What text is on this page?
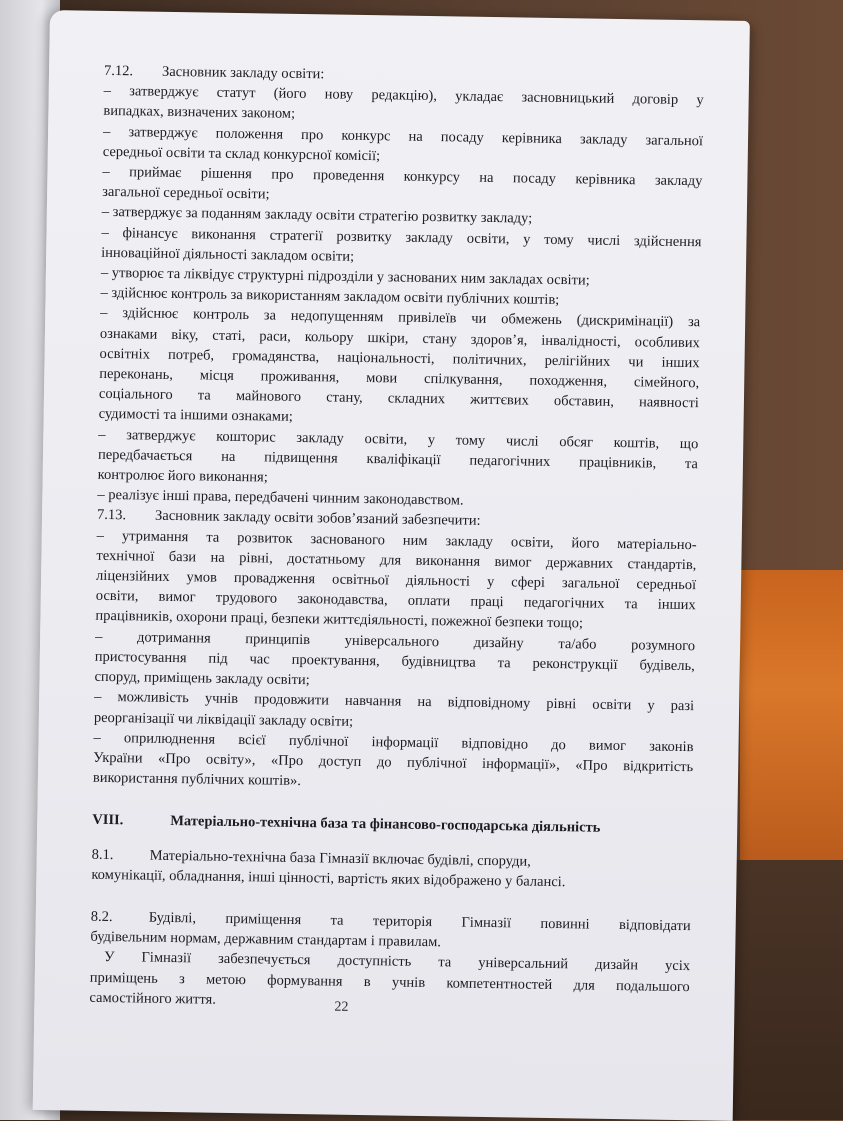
7.12. Засновник закладу освіти:
– затверджує статут (його нову редакцію), укладає засновницький договір у
випадках, визначених законом;
– затверджує положення про конкурс на посаду керівника закладу загальної
середньої освіти та склад конкурсної комісії;
– приймає рішення про проведення конкурсу на посаду керівника закладу
загальної середньої освіти;
– затверджує за поданням закладу освіти стратегію розвитку закладу;
– фінансує виконання стратегії розвитку закладу освіти, у тому числі здійснення
інноваційної діяльності закладом освіти;
– утворює та ліквідує структурні підрозділи у заснованих ним закладах освіти;
– здійснює контроль за використанням закладом освіти публічних коштів;
– здійснює контроль за недопущенням привілеїв чи обмежень (дискримінації) за
ознаками віку, статі, раси, кольору шкіри, стану здоров’я, інвалідності, особливих
освітніх потреб, громадянства, національності, політичних, релігійних чи інших
переконань, місця проживання, мови спілкування, походження, сімейного,
соціального та майнового стану, складних життєвих обставин, наявності
судимості та іншими ознаками;
– затверджує кошторис закладу освіти, у тому числі обсяг коштів, що
передбачається на підвищення кваліфікації педагогічних працівників, та
контролює його виконання;
– реалізує інші права, передбачені чинним законодавством.
7.13. Засновник закладу освіти зобов’язаний забезпечити:
– утримання та розвиток заснованого ним закладу освіти, його матеріально-
технічної бази на рівні, достатньому для виконання вимог державних стандартів,
ліцензійних умов провадження освітньої діяльності у сфері загальної середньої
освіти, вимог трудового законодавства, оплати праці педагогічних та інших
працівників, охорони праці, безпеки життєдіяльності, пожежної безпеки тощо;
– дотримання принципів універсального дизайну та/або розумного
пристосування під час проектування, будівництва та реконструкції будівель,
споруд, приміщень закладу освіти;
– можливість учнів продовжити навчання на відповідному рівні освіти у разі
реорганізації чи ліквідації закладу освіти;
– оприлюднення всієї публічної інформації відповідно до вимог законів
України «Про освіту», «Про доступ до публічної інформації», «Про відкритість
використання публічних коштів».
VIII.	Матеріально-технічна база та фінансово-господарська діяльність
8.1. Матеріально-технічна база Гімназії включає будівлі, споруди,
комунікації, обладнання, інші цінності, вартість яких відображено у балансі.
8.2. Будівлі, приміщення та територія Гімназії повинні відповідати
будівельним нормам, державним стандартам і правилам.
У Гімназії забезпечується доступність та універсальний дизайн усіх
приміщень з метою формування в учнів компетентностей для подальшого
самостійного життя.	22
